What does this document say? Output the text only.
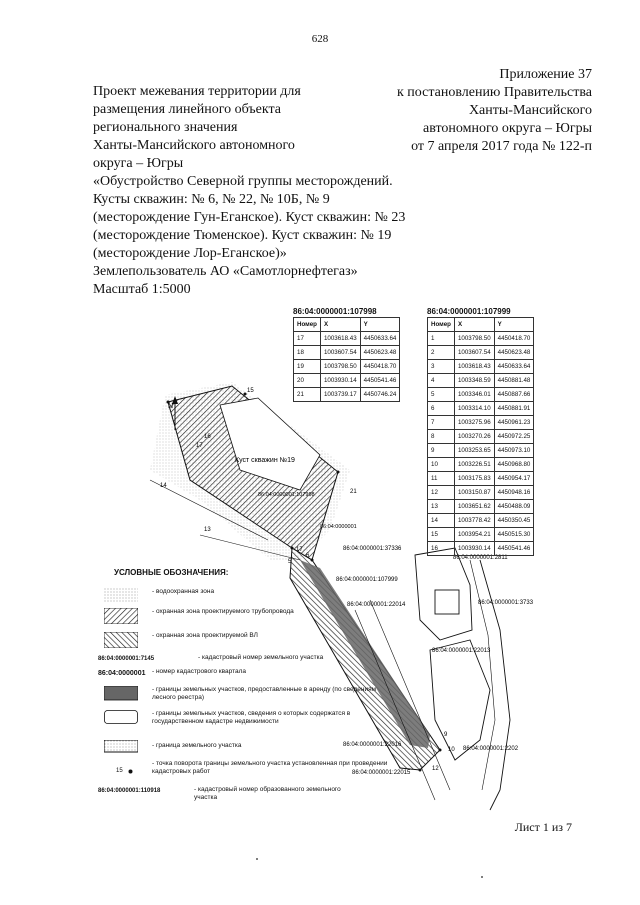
628
Приложение 37
к постановлению Правительства
Ханты-Мансийского
автономного округа – Югры
от 7 апреля 2017 года № 122-п
Проект межевания территории для
размещения линейного объекта
регионального значения
Ханты-Мансийского автономного
округа – Югры
«Обустройство Северной группы месторождений.
Кусты скважин: № 6, № 22, № 10Б, № 9
(месторождение Гун-Еганское). Куст скважин: № 23
(месторождение Тюменское). Куст скважин: № 19
(месторождение Лор-Еганское)»
Землепользователь АО «Самотлорнефтегаз»
Масштаб 1:5000
N
Куст скважин №19
86:04:0000001:107998
86:04:0000001
86:04:0000001:37336
86:04:0000001:2811
86:04:0000001:107999
86:04:0000001:22014	86:04:0000001:3733
86:04:0000001:22013
86:04:0000001:22016
86:04:0000001:2202
86:04:0000001:22015
15
16
17
13
14
21
17
6
5
9
10
12
86:04:0000001:107998
Номер	X	Y
17	1003618.43	4450633.64
18	1003607.54	4450623.48
19	1003798.50	4450418.70
20	1003930.14	4450541.46
21	1003739.17	4450746.24
86:04:0000001:107999
Номер	X	Y
1	1003798.50	4450418.70
2	1003607.54	4450623.48
3	1003618.43	4450633.64
4	1003348.59	4450881.48
5	1003346.01	4450887.66
6	1003314.10	4450881.91
7	1003275.96	4450961.23
8	1003270.26	4450972.25
9	1003253.65	4450973.10
10	1003226.51	4450968.80
11	1003175.83	4450954.17
12	1003150.87	4450948.16
13	1003651.62	4450488.09
14	1003778.42	4450350.45
15	1003954.21	4450515.30
16	1003930.14	4450541.46
УСЛОВНЫЕ ОБОЗНАЧЕНИЯ:
- водоохранная зона
- охранная зона проектируемого трубопровода
- охранная зона проектируемой ВЛ
86:04:0000001:7145	- кадастровый номер земельного участка
86:04:0000001 - номер кадастрового квартала
- границы земельных участков, предоставленные в аренду (по сведениям лесного реестра)
- границы земельных участков, сведения о которых содержатся в государственном кадастре недвижимости
- граница земельного участка
15
- точка поворота границы земельного участка установленная при проведении кадастровых работ
86:04:0000001:110918	- кадастровый номер образованного земельного участка
Лист 1 из 7
